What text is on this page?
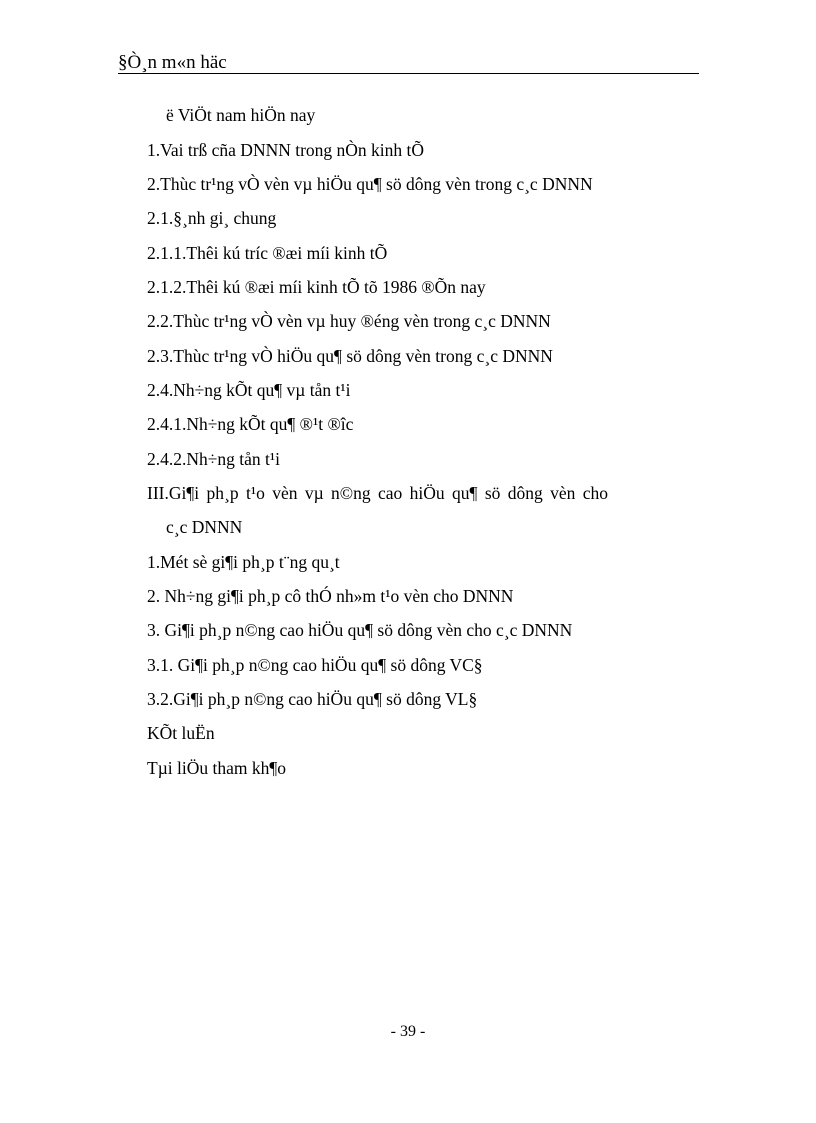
§Ò¸n m«n häc
ë ViÖt nam hiÖn nay
1.Vai trß cña DNNN trong nÒn kinh tÕ
2.Thùc tr¹ng vÒ vèn vµ hiÖu qu¶ sö dông vèn trong c¸c DNNN
2.1.§¸nh gi¸ chung
2.1.1.Thêi kú tríc ®æi míi kinh tÕ
2.1.2.Thêi kú ®æi míi kinh tÕ tõ 1986 ®Õn nay
2.2.Thùc tr¹ng vÒ vèn vµ huy ®éng vèn trong c¸c DNNN
2.3.Thùc tr¹ng vÒ hiÖu qu¶ sö dông vèn trong c¸c DNNN
2.4.Nh÷ng kÕt qu¶ vµ tån t¹i
2.4.1.Nh÷ng kÕt qu¶ ®¹t ®îc
2.4.2.Nh÷ng tån t¹i
III.Gi¶i ph¸p t¹o vèn vµ n©ng cao hiÖu qu¶ sö dông vèn cho
c¸c DNNN
1.Mét sè gi¶i ph¸p t¨ng qu¸t
2. Nh÷ng gi¶i ph¸p cô thÓ nh»m t¹o vèn cho DNNN
3. Gi¶i ph¸p n©ng cao hiÖu qu¶ sö dông vèn cho c¸c DNNN
3.1. Gi¶i ph¸p n©ng cao hiÖu qu¶ sö dông VC§
3.2.Gi¶i ph¸p n©ng cao hiÖu qu¶ sö dông VL§
KÕt luËn
Tµi liÖu tham kh¶o
- 39 -
